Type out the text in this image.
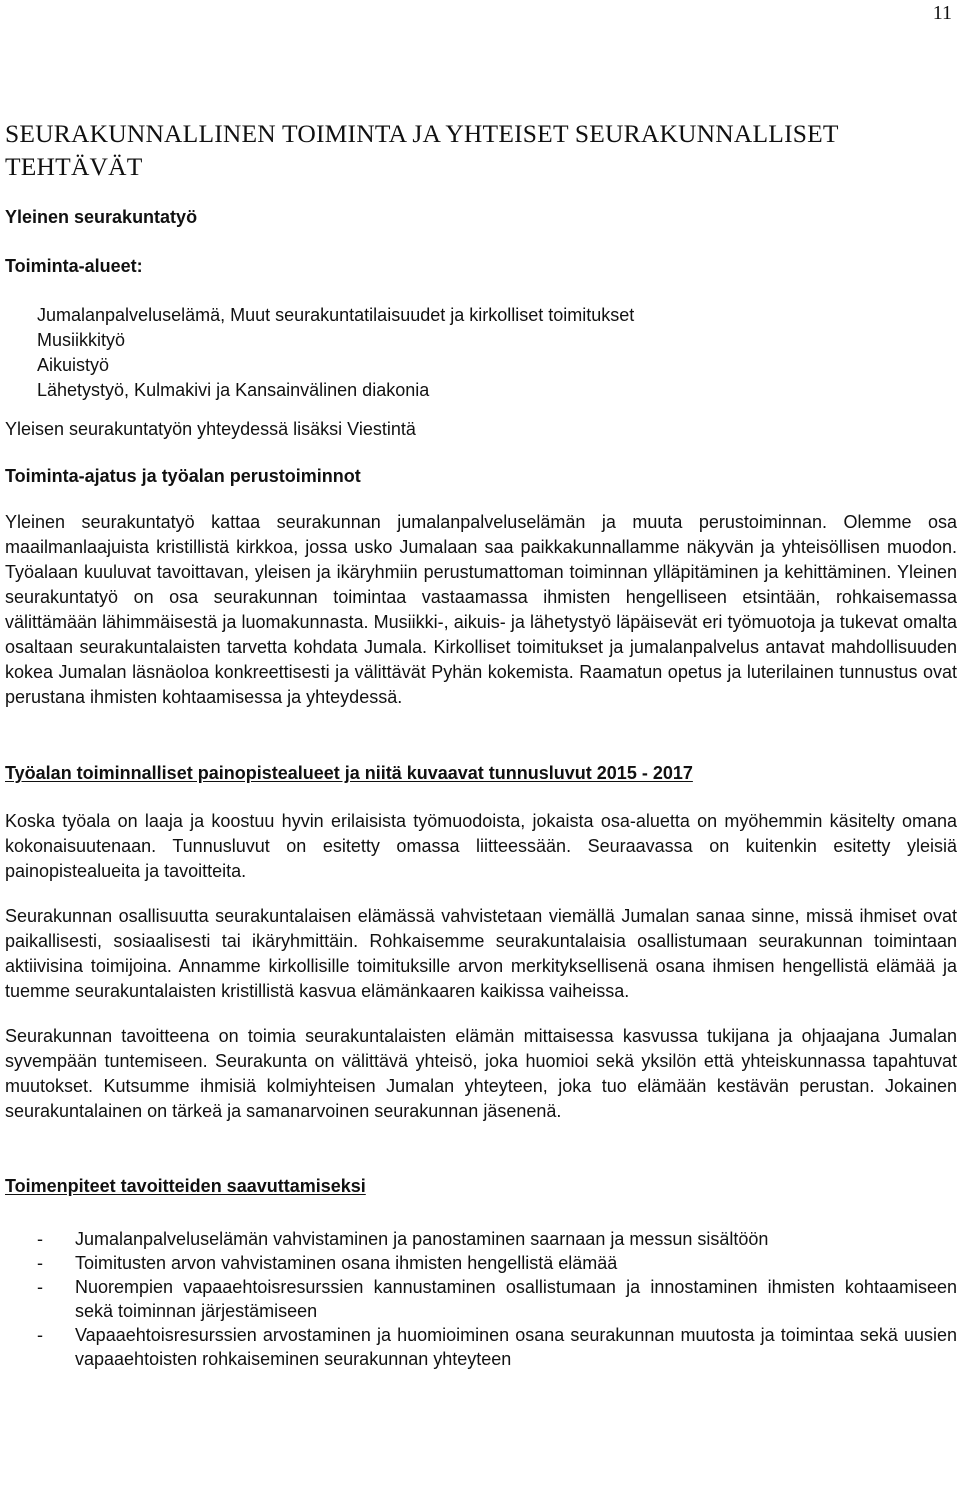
11
SEURAKUNNALLINEN TOIMINTA JA YHTEISET SEURAKUNNALLISET TEHTÄVÄT

Yleinen seurakuntatyö

Toiminta-alueet:

Jumalanpalveluselämä, Muut seurakuntatilaisuudet ja kirkolliset toimitukset
Musiikkityö
Aikuistyö
Lähetystyö, Kulmakivi ja Kansainvälinen diakonia

Yleisen seurakuntatyön yhteydessä lisäksi Viestintä

Toiminta-ajatus ja työalan perustoiminnot

Yleinen seurakuntatyö kattaa seurakunnan jumalanpalveluselämän ja muuta perustoiminnan. Olemme osa maailmanlaajuista kristillistä kirkkoa, jossa usko Jumalaan saa paikkakunnallamme näkyvän ja yhteisöllisen muodon. Työalaan kuuluvat tavoittavan, yleisen ja ikäryhmiin perustumattoman toiminnan ylläpitäminen ja kehittäminen. Yleinen seurakuntatyö on osa seurakunnan toimintaa vastaamassa ihmisten hengelliseen etsintään, rohkaisemassa välittämään lähimmäisestä ja luomakunnasta. Musiikki-, aikuis- ja lähetystyö läpäisevät eri työmuotoja ja tukevat omalta osaltaan seurakuntalaisten tarvetta kohdata Jumala. Kirkolliset toimitukset ja jumalanpalvelus antavat mahdollisuuden kokea Jumalan läsnäoloa konkreettisesti ja välittävät Pyhän kokemista. Raamatun opetus ja luterilainen tunnustus ovat perustana ihmisten kohtaamisessa ja yhteydessä.

Työalan toiminnalliset painopistealueet ja niitä kuvaavat tunnusluvut 2015 - 2017

Koska työala on laaja ja koostuu hyvin erilaisista työmuodoista, jokaista osa-aluetta on myöhemmin käsitelty omana kokonaisuutenaan. Tunnusluvut on esitetty omassa liitteessään. Seuraavassa on kuitenkin esitetty yleisiä painopistealueita ja tavoitteita.

Seurakunnan osallisuutta seurakuntalaisen elämässä vahvistetaan viemällä Jumalan sanaa sinne, missä ihmiset ovat paikallisesti, sosiaalisesti tai ikäryhmittäin. Rohkaisemme seurakuntalaisia osallistumaan seurakunnan toimintaan aktiivisina toimijoina. Annamme kirkollisille toimituksille arvon merkityksellisenä osana ihmisen hengellistä elämää ja tuemme seurakuntalaisten kristillistä kasvua elämänkaaren kaikissa vaiheissa.

Seurakunnan tavoitteena on toimia seurakuntalaisten elämän mittaisessa kasvussa tukijana ja ohjaajana Jumalan syvempään tuntemiseen. Seurakunta on välittävä yhteisö, joka huomioi sekä yksilön että yhteiskunnassa tapahtuvat muutokset. Kutsumme ihmisiä kolmiyhteisen Jumalan yhteyteen, joka tuo elämään kestävän perustan. Jokainen seurakuntalainen on tärkeä ja samanarvoinen seurakunnan jäsenenä.

Toimenpiteet tavoitteiden saavuttamiseksi

- Jumalanpalveluselämän vahvistaminen ja panostaminen saarnaan ja messun sisältöön
- Toimitusten arvon vahvistaminen osana ihmisten hengellistä elämää
- Nuorempien vapaaehtoisresurssien kannustaminen osallistumaan ja innostaminen ihmisten kohtaamiseen sekä toiminnan järjestämiseen
- Vapaaehtoisresurssien arvostaminen ja huomioiminen osana seurakunnan muutosta ja toimintaa sekä uusien vapaaehtoisten rohkaiseminen seurakunnan yhteyteen
